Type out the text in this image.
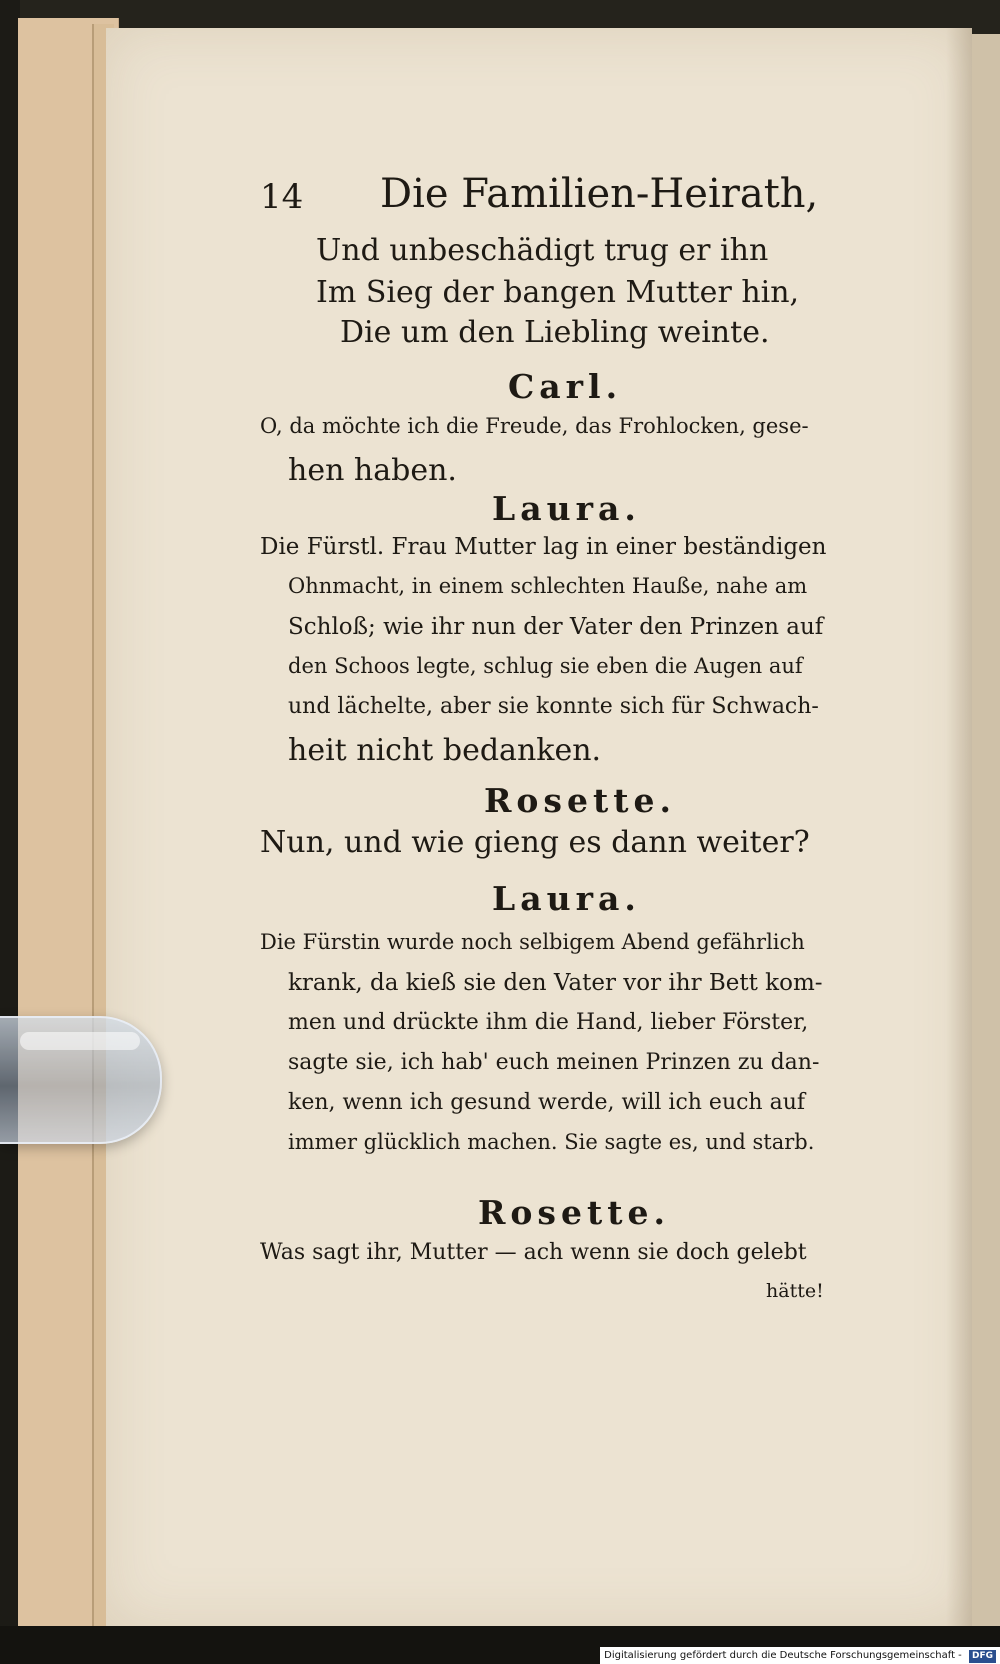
14 Die Familien-Heirath,
Und unbeschädigt trug er ihn
Im Sieg der bangen Mutter hin,
Die um den Liebling weinte.
Carl.
O, da möchte ich die Freude, das Frohlocken, gese-
hen haben.
Laura.
Die Fürstl. Frau Mutter lag in einer beständigen
Ohnmacht, in einem schlechten Hauße, nahe am
Schloß; wie ihr nun der Vater den Prinzen auf
den Schoos legte, schlug sie eben die Augen auf
und lächelte, aber sie konnte sich für Schwach-
heit nicht bedanken.
Rosette.
Nun, und wie gieng es dann weiter?
Laura.
Die Fürstin wurde noch selbigem Abend gefährlich
krank, da kieß sie den Vater vor ihr Bett kom-
men und drückte ihm die Hand, lieber Förster,
sagte sie, ich hab' euch meinen Prinzen zu dan-
ken, wenn ich gesund werde, will ich euch auf
immer glücklich machen. Sie sagte es, und starb.
Rosette.
Was sagt ihr, Mutter — ach wenn sie doch gelebt
hätte!
Digitalisierung gefördert durch die Deutsche Forschungsgemeinschaft - DFG
